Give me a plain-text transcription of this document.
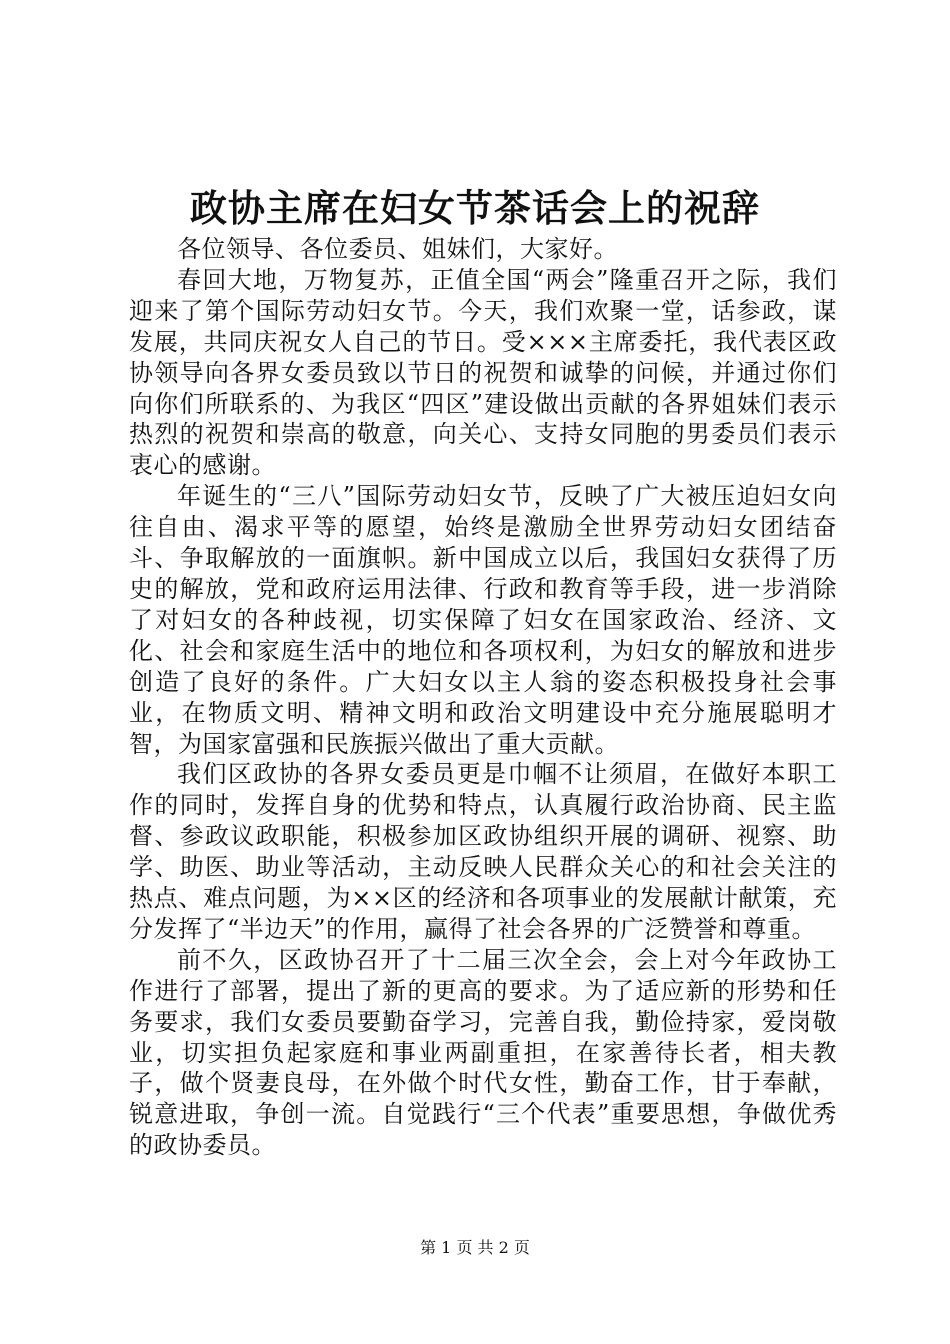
政协主席在妇女节茶话会上的祝辞

各位领导、各位委员、姐妹们，大家好。

春回大地，万物复苏，正值全国“两会”隆重召开之际，我们迎来了第个国际劳动妇女节。今天，我们欢聚一堂，话参政，谋发展，共同庆祝女人自己的节日。受×××主席委托，我代表区政协领导向各界女委员致以节日的祝贺和诚挚的问候，并通过你们向你们所联系的、为我区“四区”建设做出贡献的各界姐妹们表示热烈的祝贺和崇高的敬意，向关心、支持女同胞的男委员们表示衷心的感谢。

年诞生的“三八”国际劳动妇女节，反映了广大被压迫妇女向往自由、渴求平等的愿望，始终是激励全世界劳动妇女团结奋斗、争取解放的一面旗帜。新中国成立以后，我国妇女获得了历史的解放，党和政府运用法律、行政和教育等手段，进一步消除了对妇女的各种歧视，切实保障了妇女在国家政治、经济、文化、社会和家庭生活中的地位和各项权利，为妇女的解放和进步创造了良好的条件。广大妇女以主人翁的姿态积极投身社会事业，在物质文明、精神文明和政治文明建设中充分施展聪明才智，为国家富强和民族振兴做出了重大贡献。

我们区政协的各界女委员更是巾帼不让须眉，在做好本职工作的同时，发挥自身的优势和特点，认真履行政治协商、民主监督、参政议政职能，积极参加区政协组织开展的调研、视察、助学、助医、助业等活动，主动反映人民群众关心的和社会关注的热点、难点问题，为××区的经济和各项事业的发展献计献策，充分发挥了“半边天”的作用，赢得了社会各界的广泛赞誉和尊重。

前不久，区政协召开了十二届三次全会，会上对今年政协工作进行了部署，提出了新的更高的要求。为了适应新的形势和任务要求，我们女委员要勤奋学习，完善自我，勤俭持家，爱岗敬业，切实担负起家庭和事业两副重担，在家善待长者，相夫教子，做个贤妻良母，在外做个时代女性，勤奋工作，甘于奉献，锐意进取，争创一流。自觉践行“三个代表”重要思想，争做优秀的政协委员。

第 1 页 共 2 页
